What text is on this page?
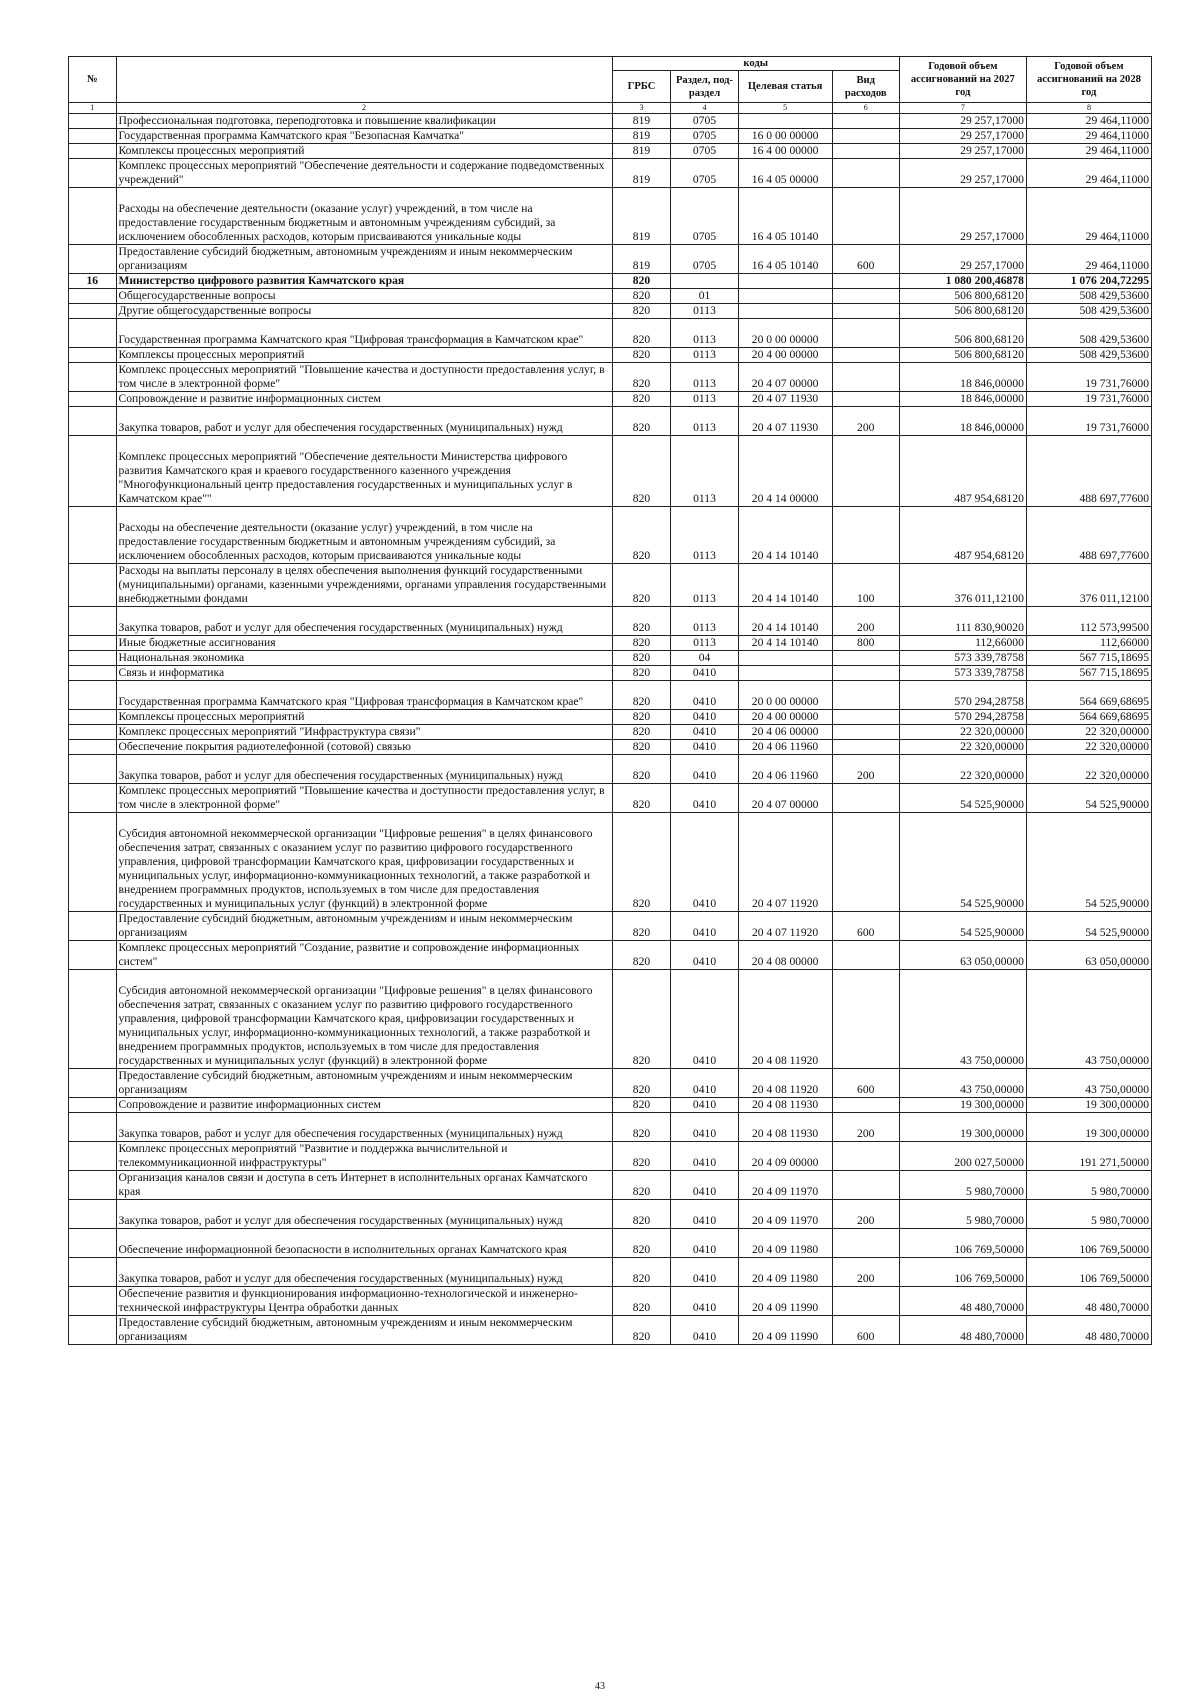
№		коды				Годовой объем ассигнований на 2027 год	Годовой объем ассигнований на 2028 год
		ГРБС	Раздел, под-раздел	Целевая статья	Вид расходов		
1	2	3	4	5	6	7	8
	Профессиональная подготовка, переподготовка и повышение квалификации	819	0705			29 257,17000	29 464,11000
	Государственная программа Камчатского края "Безопасная Камчатка"	819	0705	16 0 00 00000		29 257,17000	29 464,11000
	Комплексы процессных мероприятий	819	0705	16 4 00 00000		29 257,17000	29 464,11000
	Комплекс процессных мероприятий "Обеспечение деятельности и содержание подведомственных учреждений"	819	0705	16 4 05 00000		29 257,17000	29 464,11000
	Расходы на обеспечение деятельности (оказание услуг) учреждений, в том числе на предоставление государственным бюджетным и автономным учреждениям субсидий, за исключением обособленных расходов, которым присваиваются уникальные коды	819	0705	16 4 05 10140		29 257,17000	29 464,11000
	Предоставление субсидий бюджетным, автономным учреждениям и иным некоммерческим организациям	819	0705	16 4 05 10140	600	29 257,17000	29 464,11000
16	Министерство цифрового развития Камчатского края	820				1 080 200,46878	1 076 204,72295
	Общегосударственные вопросы	820	01			506 800,68120	508 429,53600
	Другие общегосударственные вопросы	820	0113			506 800,68120	508 429,53600
	Государственная программа Камчатского края "Цифровая трансформация в Камчатском крае"	820	0113	20 0 00 00000		506 800,68120	508 429,53600
	Комплексы процессных мероприятий	820	0113	20 4 00 00000		506 800,68120	508 429,53600
	Комплекс процессных мероприятий "Повышение качества и доступности предоставления услуг, в том числе в электронной форме"	820	0113	20 4 07 00000		18 846,00000	19 731,76000
	Сопровождение и развитие информационных систем	820	0113	20 4 07 11930		18 846,00000	19 731,76000
	Закупка товаров, работ и услуг для обеспечения государственных (муниципальных) нужд	820	0113	20 4 07 11930	200	18 846,00000	19 731,76000
	Комплекс процессных мероприятий "Обеспечение деятельности Министерства цифрового развития Камчатского края и краевого государственного казенного учреждения "Многофункциональный центр предоставления государственных и муниципальных услуг в Камчатском крае""	820	0113	20 4 14 00000		487 954,68120	488 697,77600
	Расходы на обеспечение деятельности (оказание услуг) учреждений, в том числе на предоставление государственным бюджетным и автономным учреждениям субсидий, за исключением обособленных расходов, которым присваиваются уникальные коды	820	0113	20 4 14 10140		487 954,68120	488 697,77600
	Расходы на выплаты персоналу в целях обеспечения выполнения функций государственными (муниципальными) органами, казенными учреждениями, органами управления государственными внебюджетными фондами	820	0113	20 4 14 10140	100	376 011,12100	376 011,12100
	Закупка товаров, работ и услуг для обеспечения государственных (муниципальных) нужд	820	0113	20 4 14 10140	200	111 830,90020	112 573,99500
	Иные бюджетные ассигнования	820	0113	20 4 14 10140	800	112,66000	112,66000
	Национальная экономика	820	04			573 339,78758	567 715,18695
	Связь и информатика	820	0410			573 339,78758	567 715,18695
	Государственная программа Камчатского края "Цифровая трансформация в Камчатском крае"	820	0410	20 0 00 00000		570 294,28758	564 669,68695
	Комплексы процессных мероприятий	820	0410	20 4 00 00000		570 294,28758	564 669,68695
	Комплекс процессных мероприятий "Инфраструктура связи"	820	0410	20 4 06 00000		22 320,00000	22 320,00000
	Обеспечение покрытия радиотелефонной (сотовой) связью	820	0410	20 4 06 11960		22 320,00000	22 320,00000
	Закупка товаров, работ и услуг для обеспечения государственных (муниципальных) нужд	820	0410	20 4 06 11960	200	22 320,00000	22 320,00000
	Комплекс процессных мероприятий "Повышение качества и доступности предоставления услуг, в том числе в электронной форме"	820	0410	20 4 07 00000		54 525,90000	54 525,90000
	Субсидия автономной некоммерческой организации "Цифровые решения" в целях финансового обеспечения затрат, связанных с оказанием услуг по развитию цифрового государственного управления, цифровой трансформации Камчатского края, цифровизации государственных и муниципальных услуг, информационно-коммуникационных технологий, а также разработкой и внедрением программных продуктов, используемых в том числе для предоставления государственных и муниципальных услуг (функций) в электронной форме	820	0410	20 4 07 11920		54 525,90000	54 525,90000
	Предоставление субсидий бюджетным, автономным учреждениям и иным некоммерческим организациям	820	0410	20 4 07 11920	600	54 525,90000	54 525,90000
	Комплекс процессных мероприятий "Создание, развитие и сопровождение информационных систем"	820	0410	20 4 08 00000		63 050,00000	63 050,00000
	Субсидия автономной некоммерческой организации "Цифровые решения" в целях финансового обеспечения затрат, связанных с оказанием услуг по развитию цифрового государственного управления, цифровой трансформации Камчатского края, цифровизации государственных и муниципальных услуг, информационно-коммуникационных технологий, а также разработкой и внедрением программных продуктов, используемых в том числе для предоставления государственных и муниципальных услуг (функций) в электронной форме	820	0410	20 4 08 11920		43 750,00000	43 750,00000
	Предоставление субсидий бюджетным, автономным учреждениям и иным некоммерческим организациям	820	0410	20 4 08 11920	600	43 750,00000	43 750,00000
	Сопровождение и развитие информационных систем	820	0410	20 4 08 11930		19 300,00000	19 300,00000
	Закупка товаров, работ и услуг для обеспечения государственных (муниципальных) нужд	820	0410	20 4 08 11930	200	19 300,00000	19 300,00000
	Комплекс процессных мероприятий "Развитие и поддержка вычислительной и телекоммуникационной инфраструктуры"	820	0410	20 4 09 00000		200 027,50000	191 271,50000
	Организация каналов связи и доступа в сеть Интернет в исполнительных органах Камчатского края	820	0410	20 4 09 11970		5 980,70000	5 980,70000
	Закупка товаров, работ и услуг для обеспечения государственных (муниципальных) нужд	820	0410	20 4 09 11970	200	5 980,70000	5 980,70000
	Обеспечение информационной безопасности в исполнительных органах Камчатского края	820	0410	20 4 09 11980		106 769,50000	106 769,50000
	Закупка товаров, работ и услуг для обеспечения государственных (муниципальных) нужд	820	0410	20 4 09 11980	200	106 769,50000	106 769,50000
	Обеспечение развития и функционирования информационно-технологической и инженерно-технической инфраструктуры Центра обработки данных	820	0410	20 4 09 11990		48 480,70000	48 480,70000
	Предоставление субсидий бюджетным, автономным учреждениям и иным некоммерческим организациям	820	0410	20 4 09 11990	600	48 480,70000	48 480,70000
43
